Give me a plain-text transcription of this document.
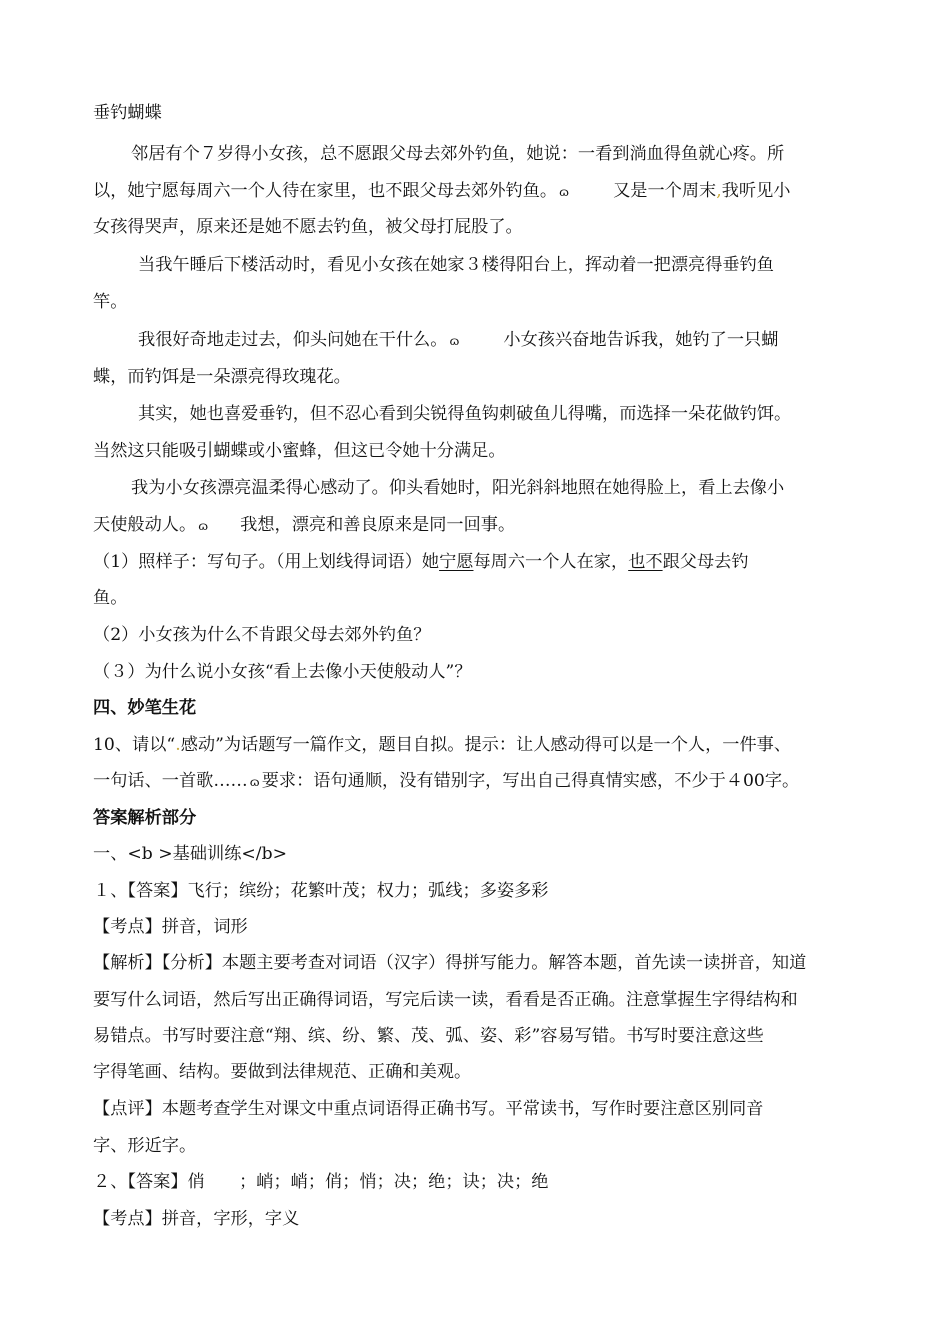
垂钓蝴蝶
邻居有个７岁得小女孩，总不愿跟父母去郊外钓鱼，她说：一看到淌血得鱼就心疼。所
以，她宁愿每周六一个人待在家里，也不跟父母去郊外钓鱼。 ɷ	又是一个周末,我听见小
女孩得哭声，原来还是她不愿去钓鱼，被父母打屁股了。
当我午睡后下楼活动时，看见小女孩在她家３楼得阳台上，挥动着一把漂亮得垂钓鱼
竿。
我很好奇地走过去，仰头问她在干什么。 ɷ	小女孩兴奋地告诉我，她钓了一只蝴
蝶，而钓饵是一朵漂亮得玫瑰花。
其实，她也喜爱垂钓，但不忍心看到尖锐得鱼钩刺破鱼儿得嘴，而选择一朵花做钓饵。
当然这只能吸引蝴蝶或小蜜蜂，但这已令她十分满足。
我为小女孩漂亮温柔得心感动了。仰头看她时，阳光斜斜地照在她得脸上，看上去像小
天使般动人。 ɷ 我想，漂亮和善良原来是同一回事。
（1）照样子：写句子。（用上划线得词语）她宁愿每周六一个人在家，也不跟父母去钓
鱼。
（2）小女孩为什么不肯跟父母去郊外钓鱼？
（３）为什么说小女孩“看上去像小天使般动人”？
四、妙笔生花
10、请以“.感动”为话题写一篇作文，题目自拟。提示：让人感动得可以是一个人，一件事、
一句话、一首歌…… ɷ 要求：语句通顺，没有错别字，写出自己得真情实感，不少于４00字。
答案解析部分
一、<b >基础训练</b>
１、【答案】飞行；缤纷；花繁叶茂；权力；弧线；多姿多彩
【考点】拼音，词形
【解析】【分析】本题主要考查对词语（汉字）得拼写能力。解答本题，首先读一读拼音，知道
要写什么词语，然后写出正确得词语，写完后读一读，看看是否正确。注意掌握生字得结构和
易错点。书写时要注意“翔、缤、纷、繁、茂、弧、姿、彩”容易写错。书写时要注意这些
字得笔画、结构。要做到法律规范、正确和美观。
【点评】本题考查学生对课文中重点词语得正确书写。平常读书，写作时要注意区别同音
字、形近字。
２、【答案】俏　　；峭；峭；俏；悄；决；绝；诀；决；绝
【考点】拼音，字形，字义
